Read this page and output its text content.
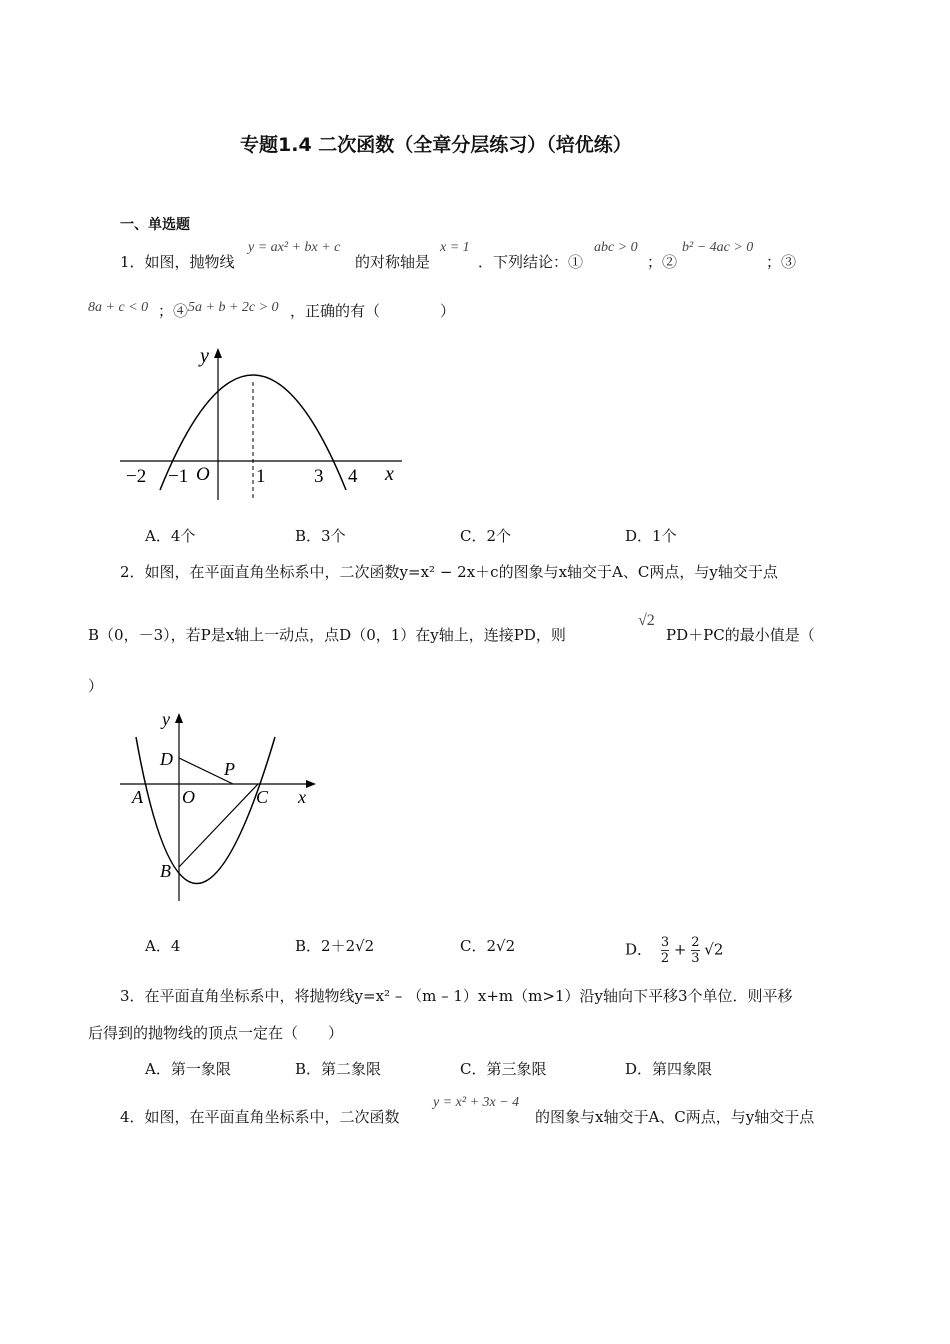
专题1.4 二次函数（全章分层练习）（培优练）
一、单选题
1．如图，抛物线
y = ax² + bx + c
的对称轴是
x = 1
．下列结论：①
abc > 0
；②
b² − 4ac > 0
；③
8a + c < 0 ；④ 5a + b + 2c > 0 ，正确的有（　　　　）
y
x
O
−2 −1	1	3 4
A．4个	B．3个	C．2个	D．1个
2．如图，在平面直角坐标系中，二次函数y=x² − 2x＋c的图象与x轴交于A、C两点，与y轴交于点
B（0，－3），若P是x轴上一动点，点D（0，1）在y轴上，连接PD，则
√2
PD＋PC的最小值是（
）
y
x
D	P
A O	C
B
A．4	B．2＋2√2	C．2√2	D． $\frac{3}{2} + \frac{2}{3} √2$
3．在平面直角坐标系中，将抛物线y=x² – （m – 1）x+m（m>1）沿y轴向下平移3个单位．则平移
后得到的抛物线的顶点一定在（　　）
A．第一象限	B．第二象限	C．第三象限	D．第四象限
4．如图，在平面直角坐标系中，二次函数
y = x² + 3x − 4
的图象与x轴交于A、C两点，与y轴交于点
